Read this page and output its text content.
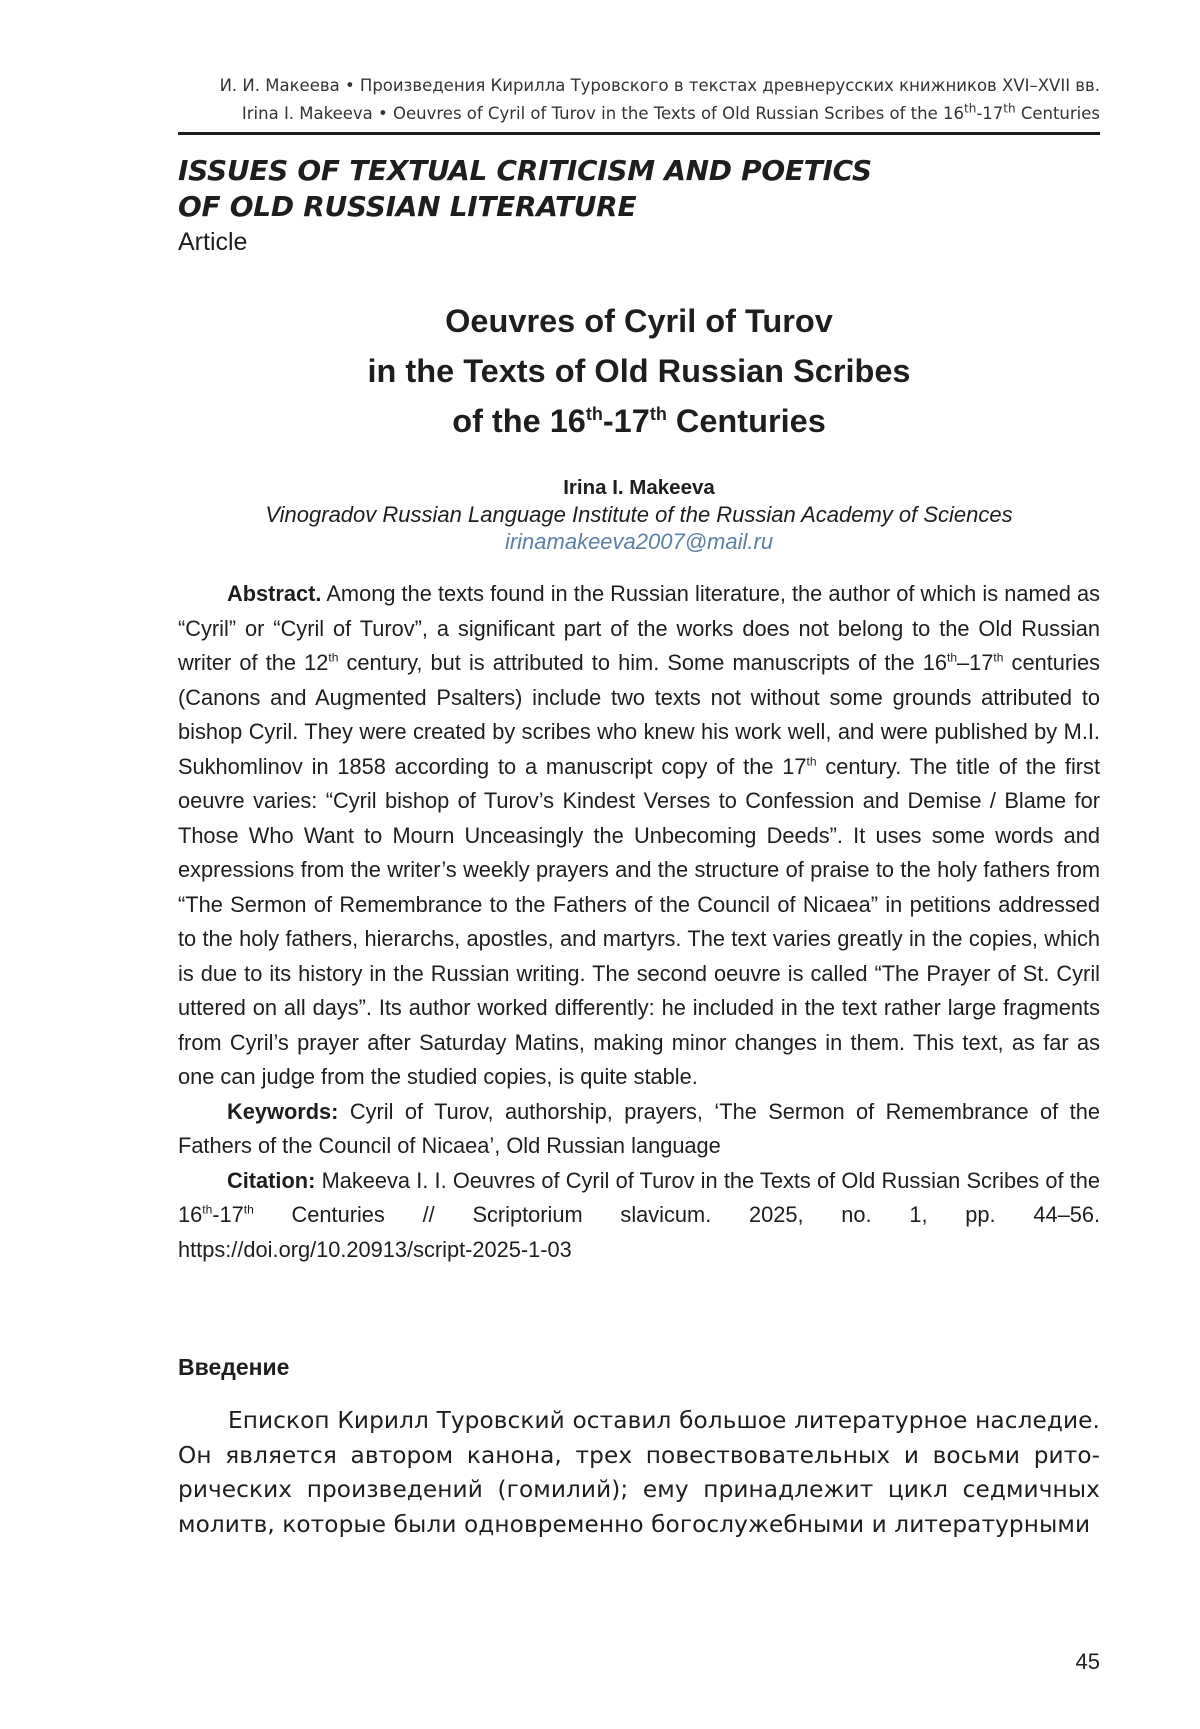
И. И. Макеева • Произведения Кирилла Туровского в текстах древнерусских книжников XVI–XVII вв.
Irina I. Makeeva • Oeuvres of Cyril of Turov in the Texts of Old Russian Scribes of the 16th-17th Centuries
ISSUES OF TEXTUAL CRITICISM AND POETICS
OF OLD RUSSIAN LITERATURE
Article
Oeuvres of Cyril of Turov
in the Texts of Old Russian Scribes
of the 16th-17th Centuries
Irina I. Makeeva
Vinogradov Russian Language Institute of the Russian Academy of Sciences
irinamakeeva2007@mail.ru

Abstract. Among the texts found in the Russian literature, the author of which is named as “Cyril” or “Cyril of Turov”, a significant part of the works does not belong to the Old Russian writer of the 12th century, but is attributed to him. Some manuscripts of the 16th–17th centuries (Canons and Augmented Psalters) include two texts not without some grounds attributed to bishop Cyril. They were created by scribes who knew his work well, and were published by M.I. Sukhomlinov in 1858 according to a manuscript copy of the 17th century. The title of the first oeuvre varies: “Cyril bishop of Turov’s Kindest Verses to Confession and Demise / Blame for Those Who Want to Mourn Unceasingly the Unbecoming Deeds”. It uses some words and expressions from the writer’s weekly prayers and the structure of praise to the holy fathers from “The Sermon of Remembrance to the Fathers of the Council of Nicaea” in petitions addressed to the holy fathers, hierarchs, apostles, and martyrs. The text varies greatly in the copies, which is due to its history in the Russian writing. The second oeuvre is called “The Prayer of St. Cyril uttered on all days”. Its author worked differently: he included in the text rather large fragments from Cyril’s prayer after Saturday Matins, making minor changes in them. This text, as far as one can judge from the studied copies, is quite stable.

Keywords: Cyril of Turov, authorship, prayers, ‘The Sermon of Remembrance of the Fathers of the Council of Nicaea’, Old Russian language

Citation: Makeeva I. I. Oeuvres of Cyril of Turov in the Texts of Old Russian Scribes of the 16th-17th Centuries // Scriptorium slavicum. 2025, no. 1, pp. 44–56. https://doi.org/10.20913/script-2025-1-03

Введение

Епископ Кирилл Туровский оставил большое литературное наследие. Он является автором канона, трех повествовательных и восьми риторических произведений (гомилий); ему принадлежит цикл седмичных молитв, которые были одновременно богослужебными и литературными

45
